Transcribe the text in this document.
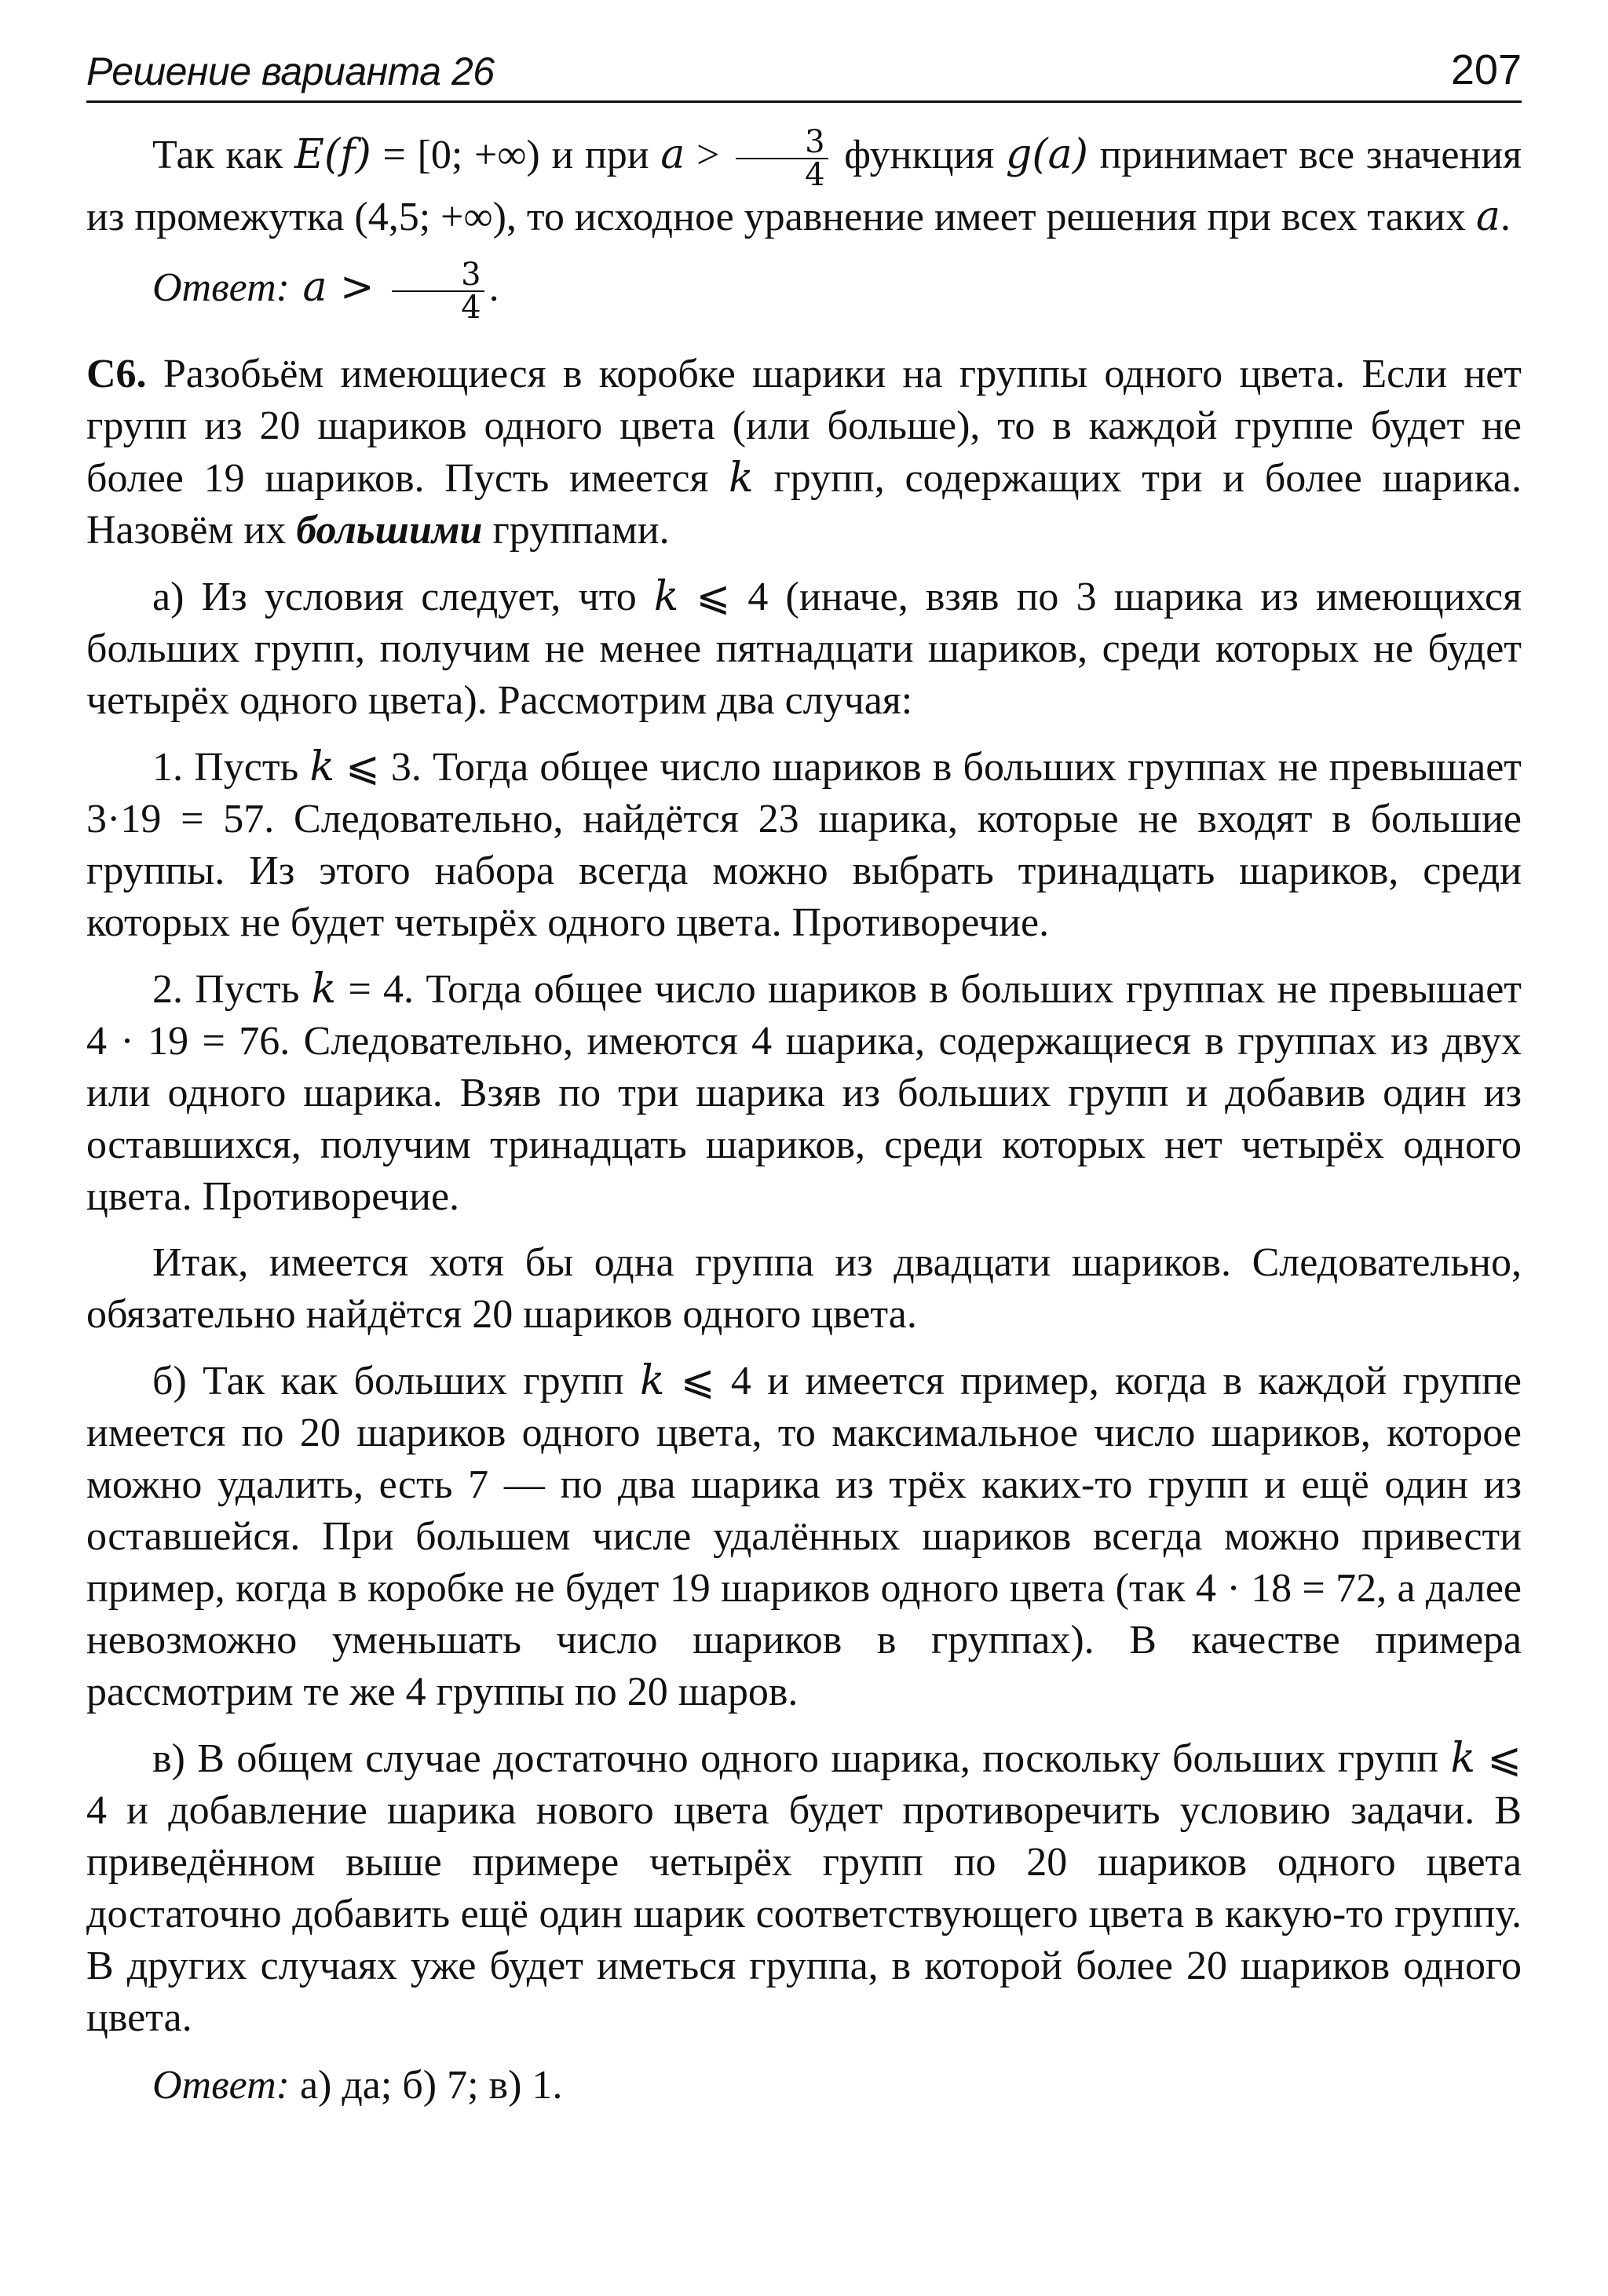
Решение варианта 26	207

Так как E(f) = [0; +∞) и при $a > \frac{3}{4}$ функция g(a) принимает все значения из промежутка (4,5; +∞), то исходное уравнение имеет решения при всех таких a.

Ответ: $a > \frac{3}{4}$ .

С6. Разобьём имеющиеся в коробке шарики на группы одного цвета. Если нет групп из 20 шариков одного цвета (или больше), то в каждой группе будет не более 19 шариков. Пусть имеется k групп, содержащих три и более шарика. Назовём их большими группами.

а) Из условия следует, что k ⩽ 4 (иначе, взяв по 3 шарика из имеющихся больших групп, получим не менее пятнадцати шариков, среди которых не будет четырёх одного цвета). Рассмотрим два случая:

1. Пусть k ⩽ 3. Тогда общее число шариков в больших группах не превышает 3·19 = 57. Следовательно, найдётся 23 шарика, которые не входят в большие группы. Из этого набора всегда можно выбрать тринадцать шариков, среди которых не будет четырёх одного цвета. Противоречие.

2. Пусть k = 4. Тогда общее число шариков в больших группах не превышает 4 · 19 = 76. Следовательно, имеются 4 шарика, содержащиеся в группах из двух или одного шарика. Взяв по три шарика из больших групп и добавив один из оставшихся, получим тринадцать шариков, среди которых нет четырёх одного цвета. Противоречие.

Итак, имеется хотя бы одна группа из двадцати шариков. Следовательно, обязательно найдётся 20 шариков одного цвета.

б) Так как больших групп k ⩽ 4 и имеется пример, когда в каждой группе имеется по 20 шариков одного цвета, то максимальное число шариков, которое можно удалить, есть 7 — по два шарика из трёх каких-то групп и ещё один из оставшейся. При большем числе удалённых шариков всегда можно привести пример, когда в коробке не будет 19 шариков одного цвета (так 4 · 18 = 72, а далее невозможно уменьшать число шариков в группах). В качестве примера рассмотрим те же 4 группы по 20 шаров.

в) В общем случае достаточно одного шарика, поскольку больших групп k ⩽ 4 и добавление шарика нового цвета будет противоречить условию задачи. В приведённом выше примере четырёх групп по 20 шариков одного цвета достаточно добавить ещё один шарик соответствующего цвета в какую-то группу. В других случаях уже будет иметься группа, в которой более 20 шариков одного цвета.

Ответ: а) да; б) 7; в) 1.
